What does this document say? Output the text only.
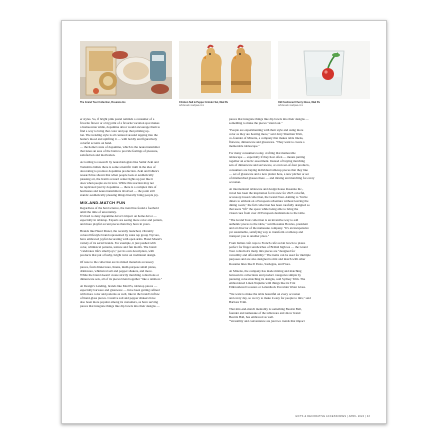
The Grand Tour Collection, Rosanna Inc.	Chicken Salt & Pepper Grinder Set, Mad Pa
wholesale.madpaa.com
Old Fashioned Cherry Glass, Mad Pa
wholesale.madpaa.com

er styles. So, if bright pink pastel reminds a consumer of a
favorite flower or a big print of a favorite vacation spot makes
a homeowner smile, dopamine décor would encourage them to
find a way to bring that color and pop that printing up-
lon. The trending style is all centered around tapping into the
home's mood and uplifting it — with boldly and figuratively
colorful accents on hand.
— the home's state of dopamine, which is the neurotransmitter
that tunes an area of the brain to provide feelings of pleasure,
satisfaction and motivation.

According to research by neurobiologists like Semir Zeki and
Tomohiro Ishizu there is some scientific truth in the idea of
decorating to produce dopamine production. Zeki and Ishizu's
research has shown that when people look at aesthetically
pleasing art, the brain's reward center lights up just like it
does when people are in love. While this reaction may not
be replicated just by dopamine — there is a complex mix of
hormones and neurotransmitters involved — the point still
stands: aesthetically pleasing things literally bring people joy.

MIX-AND-MATCH FUN

Regardless of the hard science, the trend has found a foothold
amid the time of uncertainty.
It's hard to deny dopamine décor's impact on home décor —
especially in tabletop. Experts are seeing more color and pattern,
and more playful accent pieces than they have in years.

Brands like Hazel Mazel, the recently launched, vibrantly
colored lifestyle brand represented by sales rep group Trycore,
have embraced joyful decorating with open arms. Hazel Mazel's
variety of its serial brands. For example, it just pushed with
color, whimsical patterns, texture and fun motifs. The brand
"celebrates life's small joys," per its own description, with
products that put a flashy, bright twist on traditional design.

Of note to the collection are its mixed materials accessory
pieces, from dinnerware, linens, multi-purpose small plates,
drinkware, whimsical salt and pepper shakers, and more.
While the brand doesn't create strictly matching collections or
dinnerware sets, all of its pieces blend together "like a rainbow."

At Design's Landing, brands like Mad Pa, tabletop pieces —
especially barware and glassware — have been getting refined
with more color and patterns as well, like in the brand's inflow
of hand-glass pieces. Creative salt and pepper shakers have
also been more popular among its customers, as have serving
pieces that integrate things like dip bowls into their designs —

pieces that integrate things like dip bowls into their designs —
something to make the pieces "stand out."

"People are experimenting with their style and using more
color as they are hosting more," said Jerry Sherman Trim,
co-founder of Mixette, a company that makes table linens,
flatware, dinnerware and glassware. "They want to create a
memorable tablescape."

For many consumers today, crafting that memorable
tablescape — especially if they host often — means putting
together an eclectic assortment. Instead of buying matching
sets of dinnerware and serveware, or even set-of-four products,
consumers are buying individual tabletop pieces that they like
— set of glassware and a new platter here, a new pitcher or set
of mismatched glasses there — and mixing and matching for every
occasion.

At international tableware and design house Rosanna Inc.,
travel has been the inspiration for its new for 2025 colorful,
accessory-based collection, the Grand Tour. Aiming to "invite
diners to embark on a European adventure without leaving the
dining room," the full collection has been carefully designed so
that users "lift" the space while being able to bring the
visual cues from over 20 European destinations to the table.

"The Grand Tour collection is an inventive way to add
authentic pieces to the table," said Rosanna Bowles, president
and art director of the namesake company. "It's an inexpensive
yet sustainable, satisfying way to transform a tabletop and
transport you to another place."

From Italian café cups to French café au lait bowls to plates
perfect for finger sandwiches of British high tea — the Grand
Tour collection's many mix pieces are "designed for
versatility and affordability." The items can be used for multiple
purposes and are also designed to mix and match with other
Rosanna lines like Il Pesto, Sardegna, and Fiore.

At Mixette, the company has made mixing and matching
between its collections and product categories simple by
pursuing color-matching its designs, said Sydney Trim. The
embroidered Linen Napkins with things like its Trix
Embroidered Coasters or Lelandlock Porcelain Water Glass.

"We want to make the table beautiful on every occasion
and every day, so we try to make it easy for people to mix," said
Barbara Trim.

That mix-and-match mentality is something Beatriz Ball,
founder and namesake of the tableware and décor brand
Beatriz Ball, has embraced as well.
"Versatility and convenience are just two trends that impact

GIFTS & DECORATIVE ACCESSORIES | APRIL 2024 | 43
